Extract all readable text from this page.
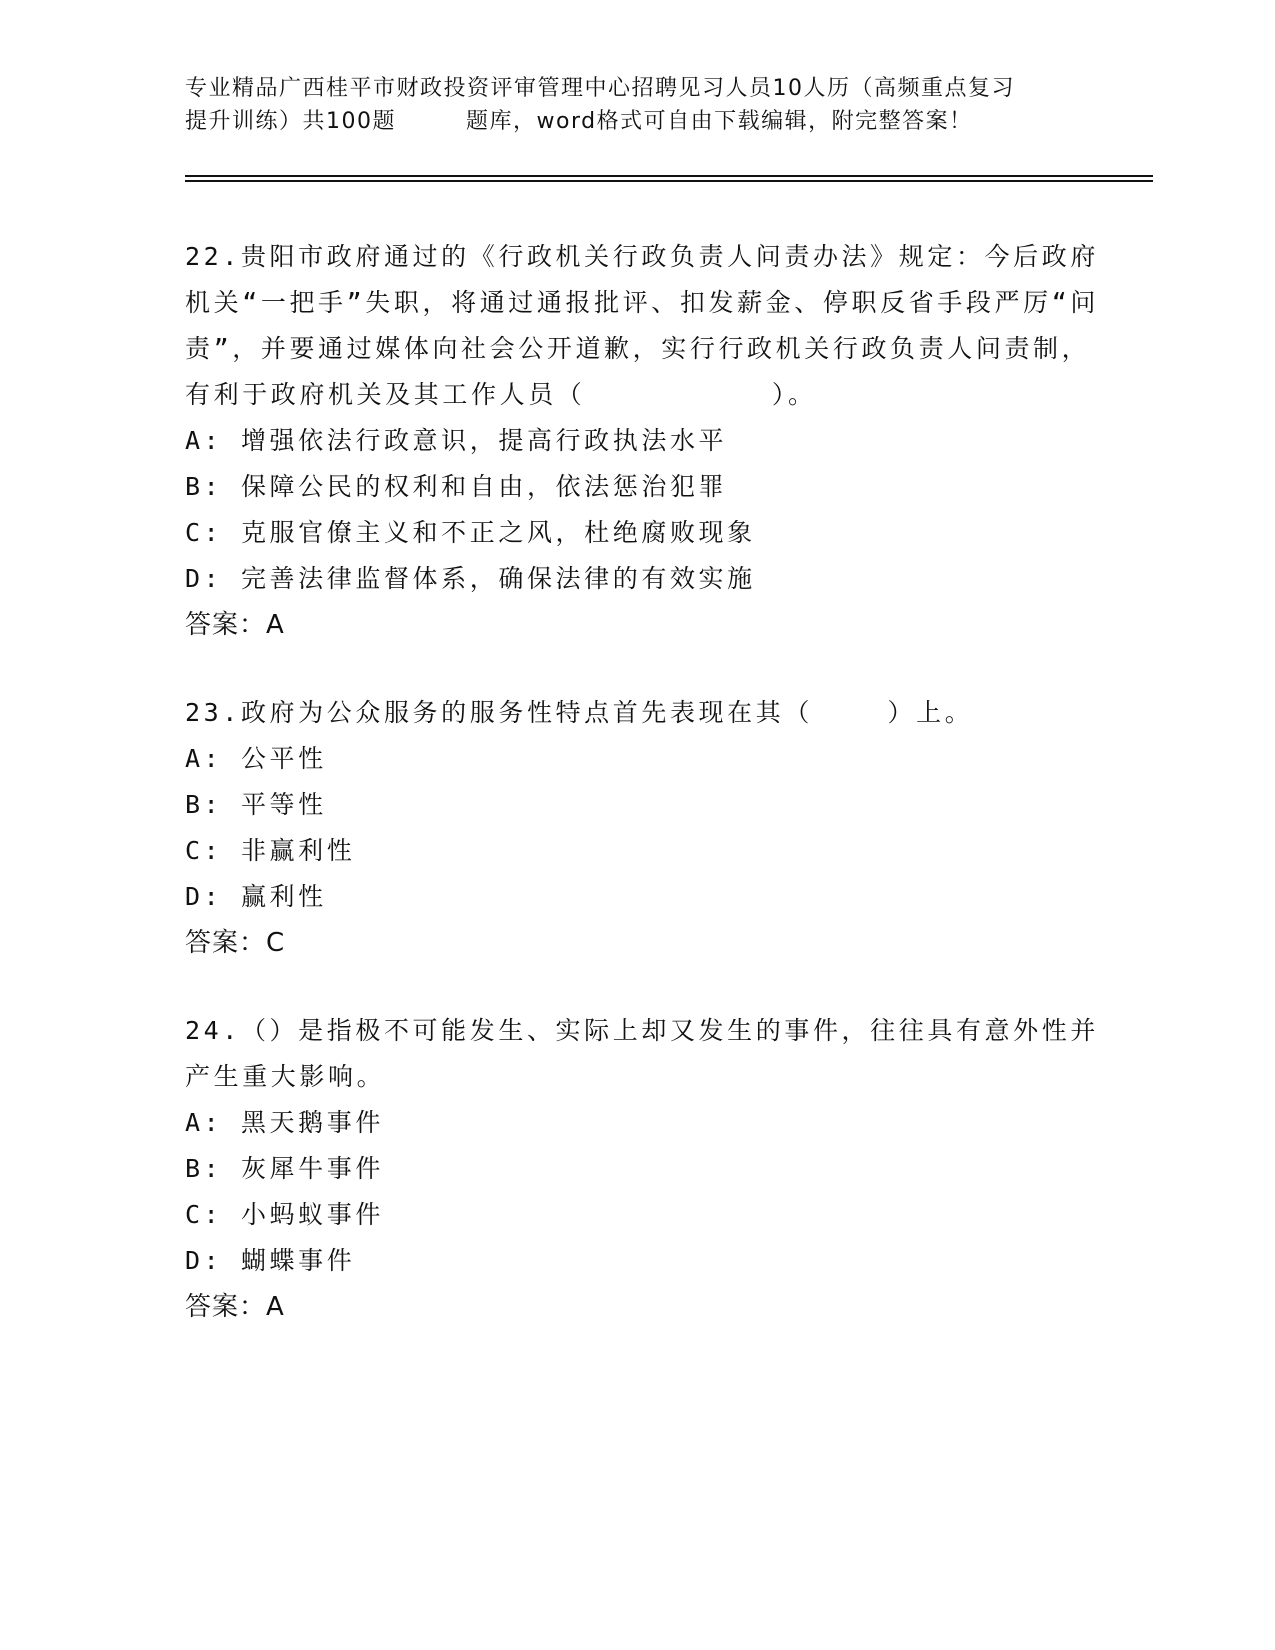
专业精品广西桂平市财政投资评审管理中心招聘见习人员10人历（高频重点复习
提升训练）共100题	题库，word格式可自由下载编辑，附完整答案！
22.贵阳市政府通过的《行政机关行政负责人问责办法》规定：今后政府机关“一把手”失职，将通过通报批评、扣发薪金、停职反省手段严厉“问责”，并要通过媒体向社会公开道歉，实行行政机关行政负责人问责制，有利于政府机关及其工作人员（          ）。
A: 增强依法行政意识，提高行政执法水平
B: 保障公民的权利和自由，依法惩治犯罪
C: 克服官僚主义和不正之风，杜绝腐败现象
D: 完善法律监督体系，确保法律的有效实施
答案：A
23.政府为公众服务的服务性特点首先表现在其（    ）上。
A: 公平性
B: 平等性
C: 非赢利性
D: 赢利性
答案：C
24.（）是指极不可能发生、实际上却又发生的事件，往往具有意外性并产生重大影响。
A: 黑天鹅事件
B: 灰犀牛事件
C: 小蚂蚁事件
D: 蝴蝶事件
答案：A
